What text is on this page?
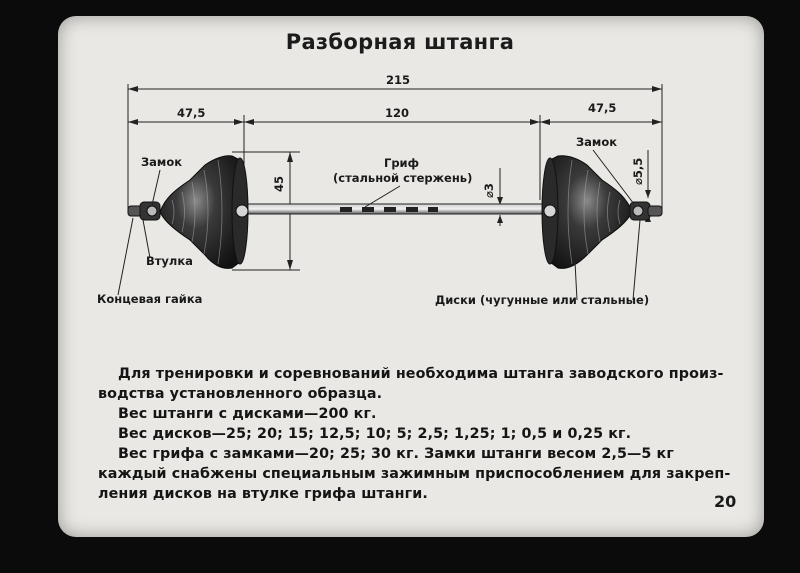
Разборная штанга
215
47,5	120	47,5
45	⌀3
⌀5,5
Замок
Замок
Втулка
Концевая гайка
Гриф
(стальной стержень)
Диски (чугунные или стальные)
Для тренировки и соревнований необходима штанга заводского произ-
водства установленного образца.
Вес штанги с дисками—200 кг.
Вес дисков—25; 20; 15; 12,5; 10; 5; 2,5; 1,25; 1; 0,5 и 0,25 кг.
Вес грифа с замками—20; 25; 30 кг. Замки штанги весом 2,5—5 кг
каждый снабжены специальным зажимным приспособлением для закреп-
ления дисков на втулке грифа штанги.	20
